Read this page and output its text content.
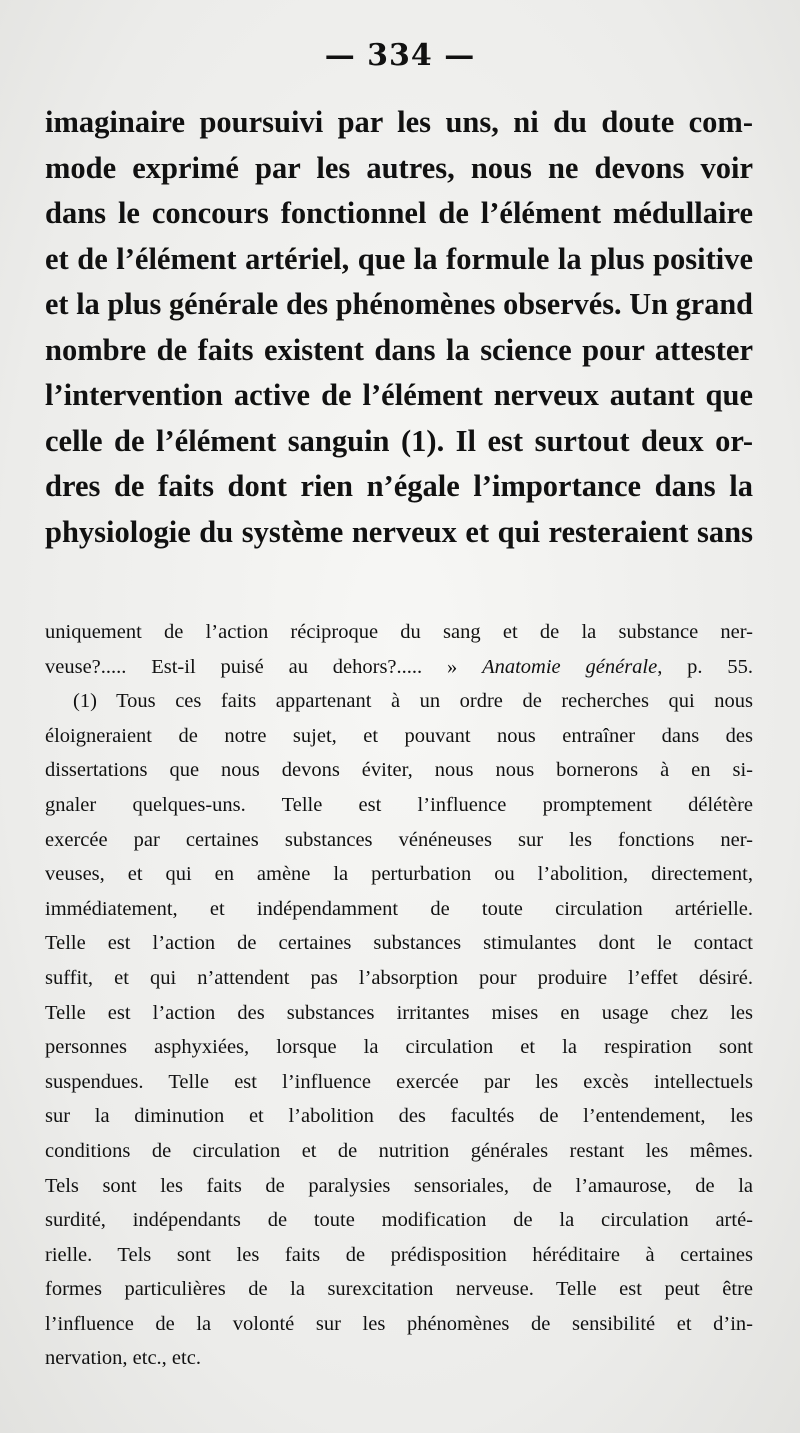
— 334 —
imaginaire poursuivi par les uns, ni du doute com-
mode exprimé par les autres, nous ne devons voir
dans le concours fonctionnel de l’élément médullaire
et de l’élément artériel, que la formule la plus positive
et la plus générale des phénomènes observés. Un grand
nombre de faits existent dans la science pour attester
l’intervention active de l’élément nerveux autant que
celle de l’élément sanguin (1). Il est surtout deux or-
dres de faits dont rien n’égale l’importance dans la
physiologie du système nerveux et qui resteraient sans
uniquement de l’action réciproque du sang et de la substance ner-
veuse?..... Est-il puisé au dehors?..... » Anatomie générale, p. 55.
(1) Tous ces faits appartenant à un ordre de recherches qui nous
éloigneraient de notre sujet, et pouvant nous entraîner dans des
dissertations que nous devons éviter, nous nous bornerons à en si-
gnaler quelques-uns. Telle est l’influence promptement délétère
exercée par certaines substances vénéneuses sur les fonctions ner-
veuses, et qui en amène la perturbation ou l’abolition, directement,
immédiatement, et indépendamment de toute circulation artérielle.
Telle est l’action de certaines substances stimulantes dont le contact
suffit, et qui n’attendent pas l’absorption pour produire l’effet désiré.
Telle est l’action des substances irritantes mises en usage chez les
personnes asphyxiées, lorsque la circulation et la respiration sont
suspendues. Telle est l’influence exercée par les excès intellectuels
sur la diminution et l’abolition des facultés de l’entendement, les
conditions de circulation et de nutrition générales restant les mêmes.
Tels sont les faits de paralysies sensoriales, de l’amaurose, de la
surdité, indépendants de toute modification de la circulation arté-
rielle. Tels sont les faits de prédisposition héréditaire à certaines
formes particulières de la surexcitation nerveuse. Telle est peut être
l’influence de la volonté sur les phénomènes de sensibilité et d’in-
nervation, etc., etc.
